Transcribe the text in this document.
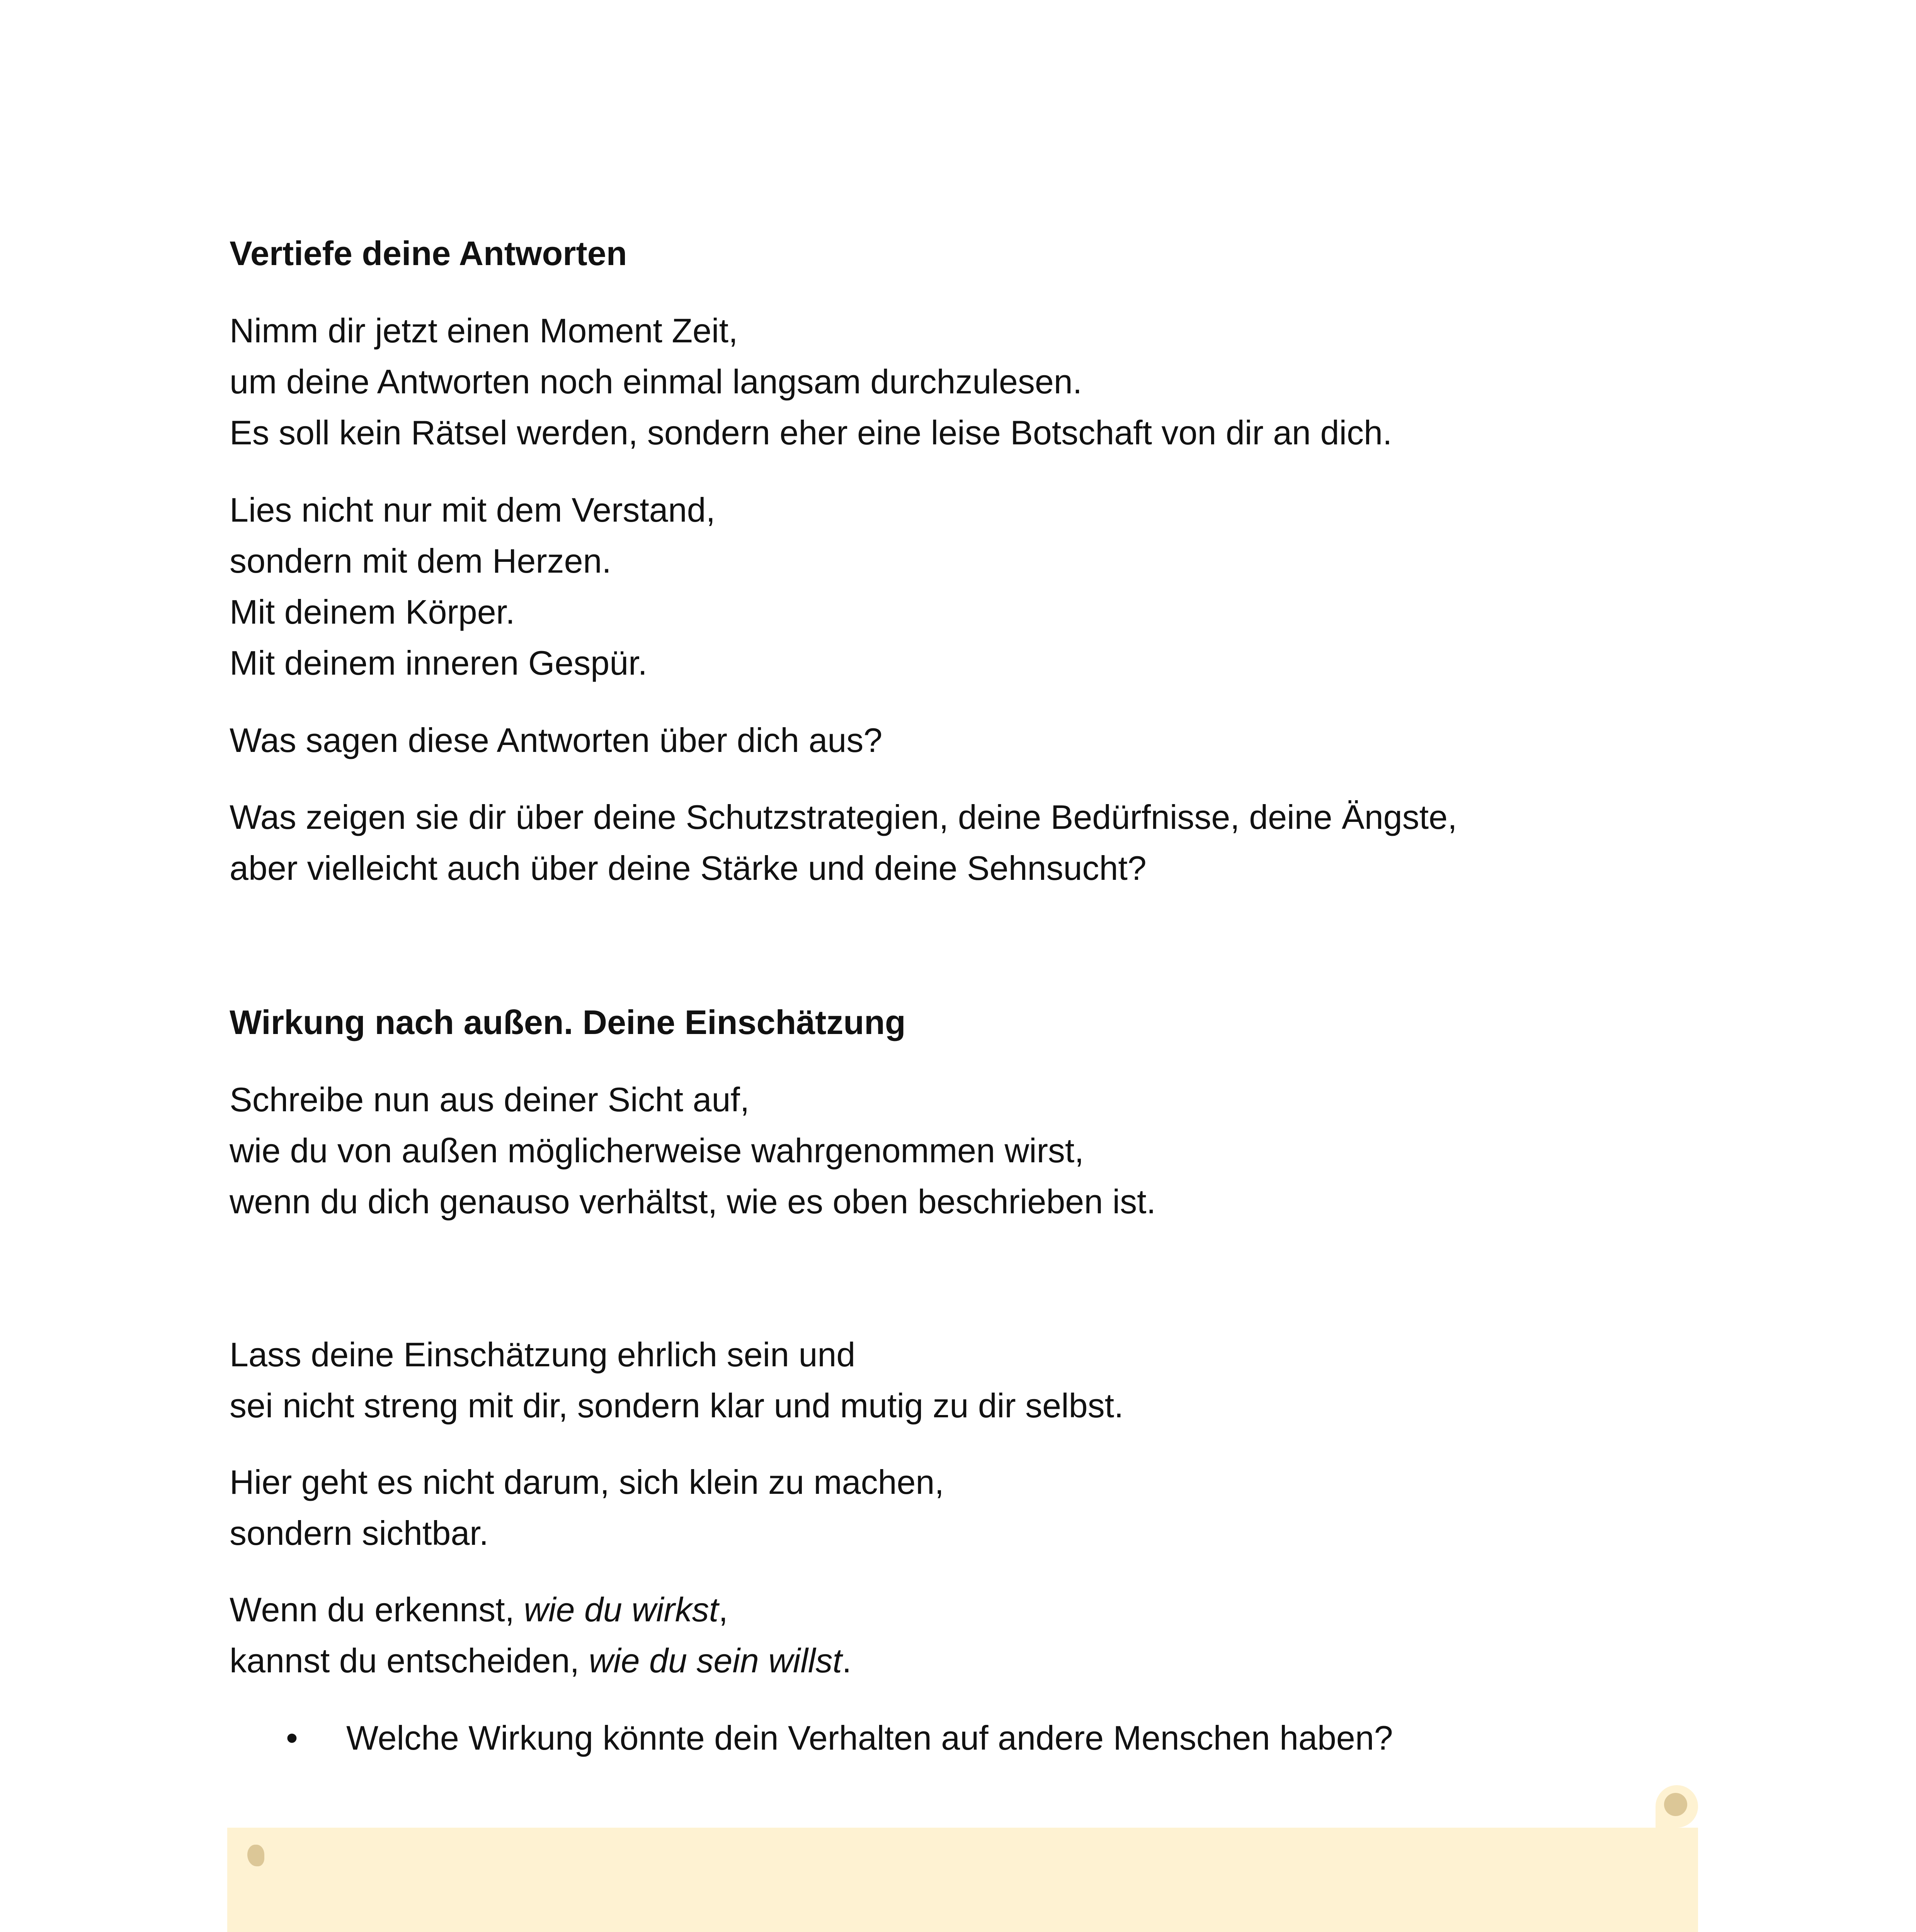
Vertiefe deine Antworten
Nimm dir jetzt einen Moment Zeit,
um deine Antworten noch einmal langsam durchzulesen.
Es soll kein Rätsel werden, sondern eher eine leise Botschaft von dir an dich.
Lies nicht nur mit dem Verstand,
sondern mit dem Herzen.
Mit deinem Körper.
Mit deinem inneren Gespür.
Was sagen diese Antworten über dich aus?
Was zeigen sie dir über deine Schutzstrategien, deine Bedürfnisse, deine Ängste,
aber vielleicht auch über deine Stärke und deine Sehnsucht?
Wirkung nach außen. Deine Einschätzung
Schreibe nun aus deiner Sicht auf,
wie du von außen möglicherweise wahrgenommen wirst,
wenn du dich genauso verhältst, wie es oben beschrieben ist.
Lass deine Einschätzung ehrlich sein und
sei nicht streng mit dir, sondern klar und mutig zu dir selbst.
Hier geht es nicht darum, sich klein zu machen,
sondern sichtbar.
Wenn du erkennst, wie du wirkst,
kannst du entscheiden, wie du sein willst.
• Welche Wirkung könnte dein Verhalten auf andere Menschen haben?
